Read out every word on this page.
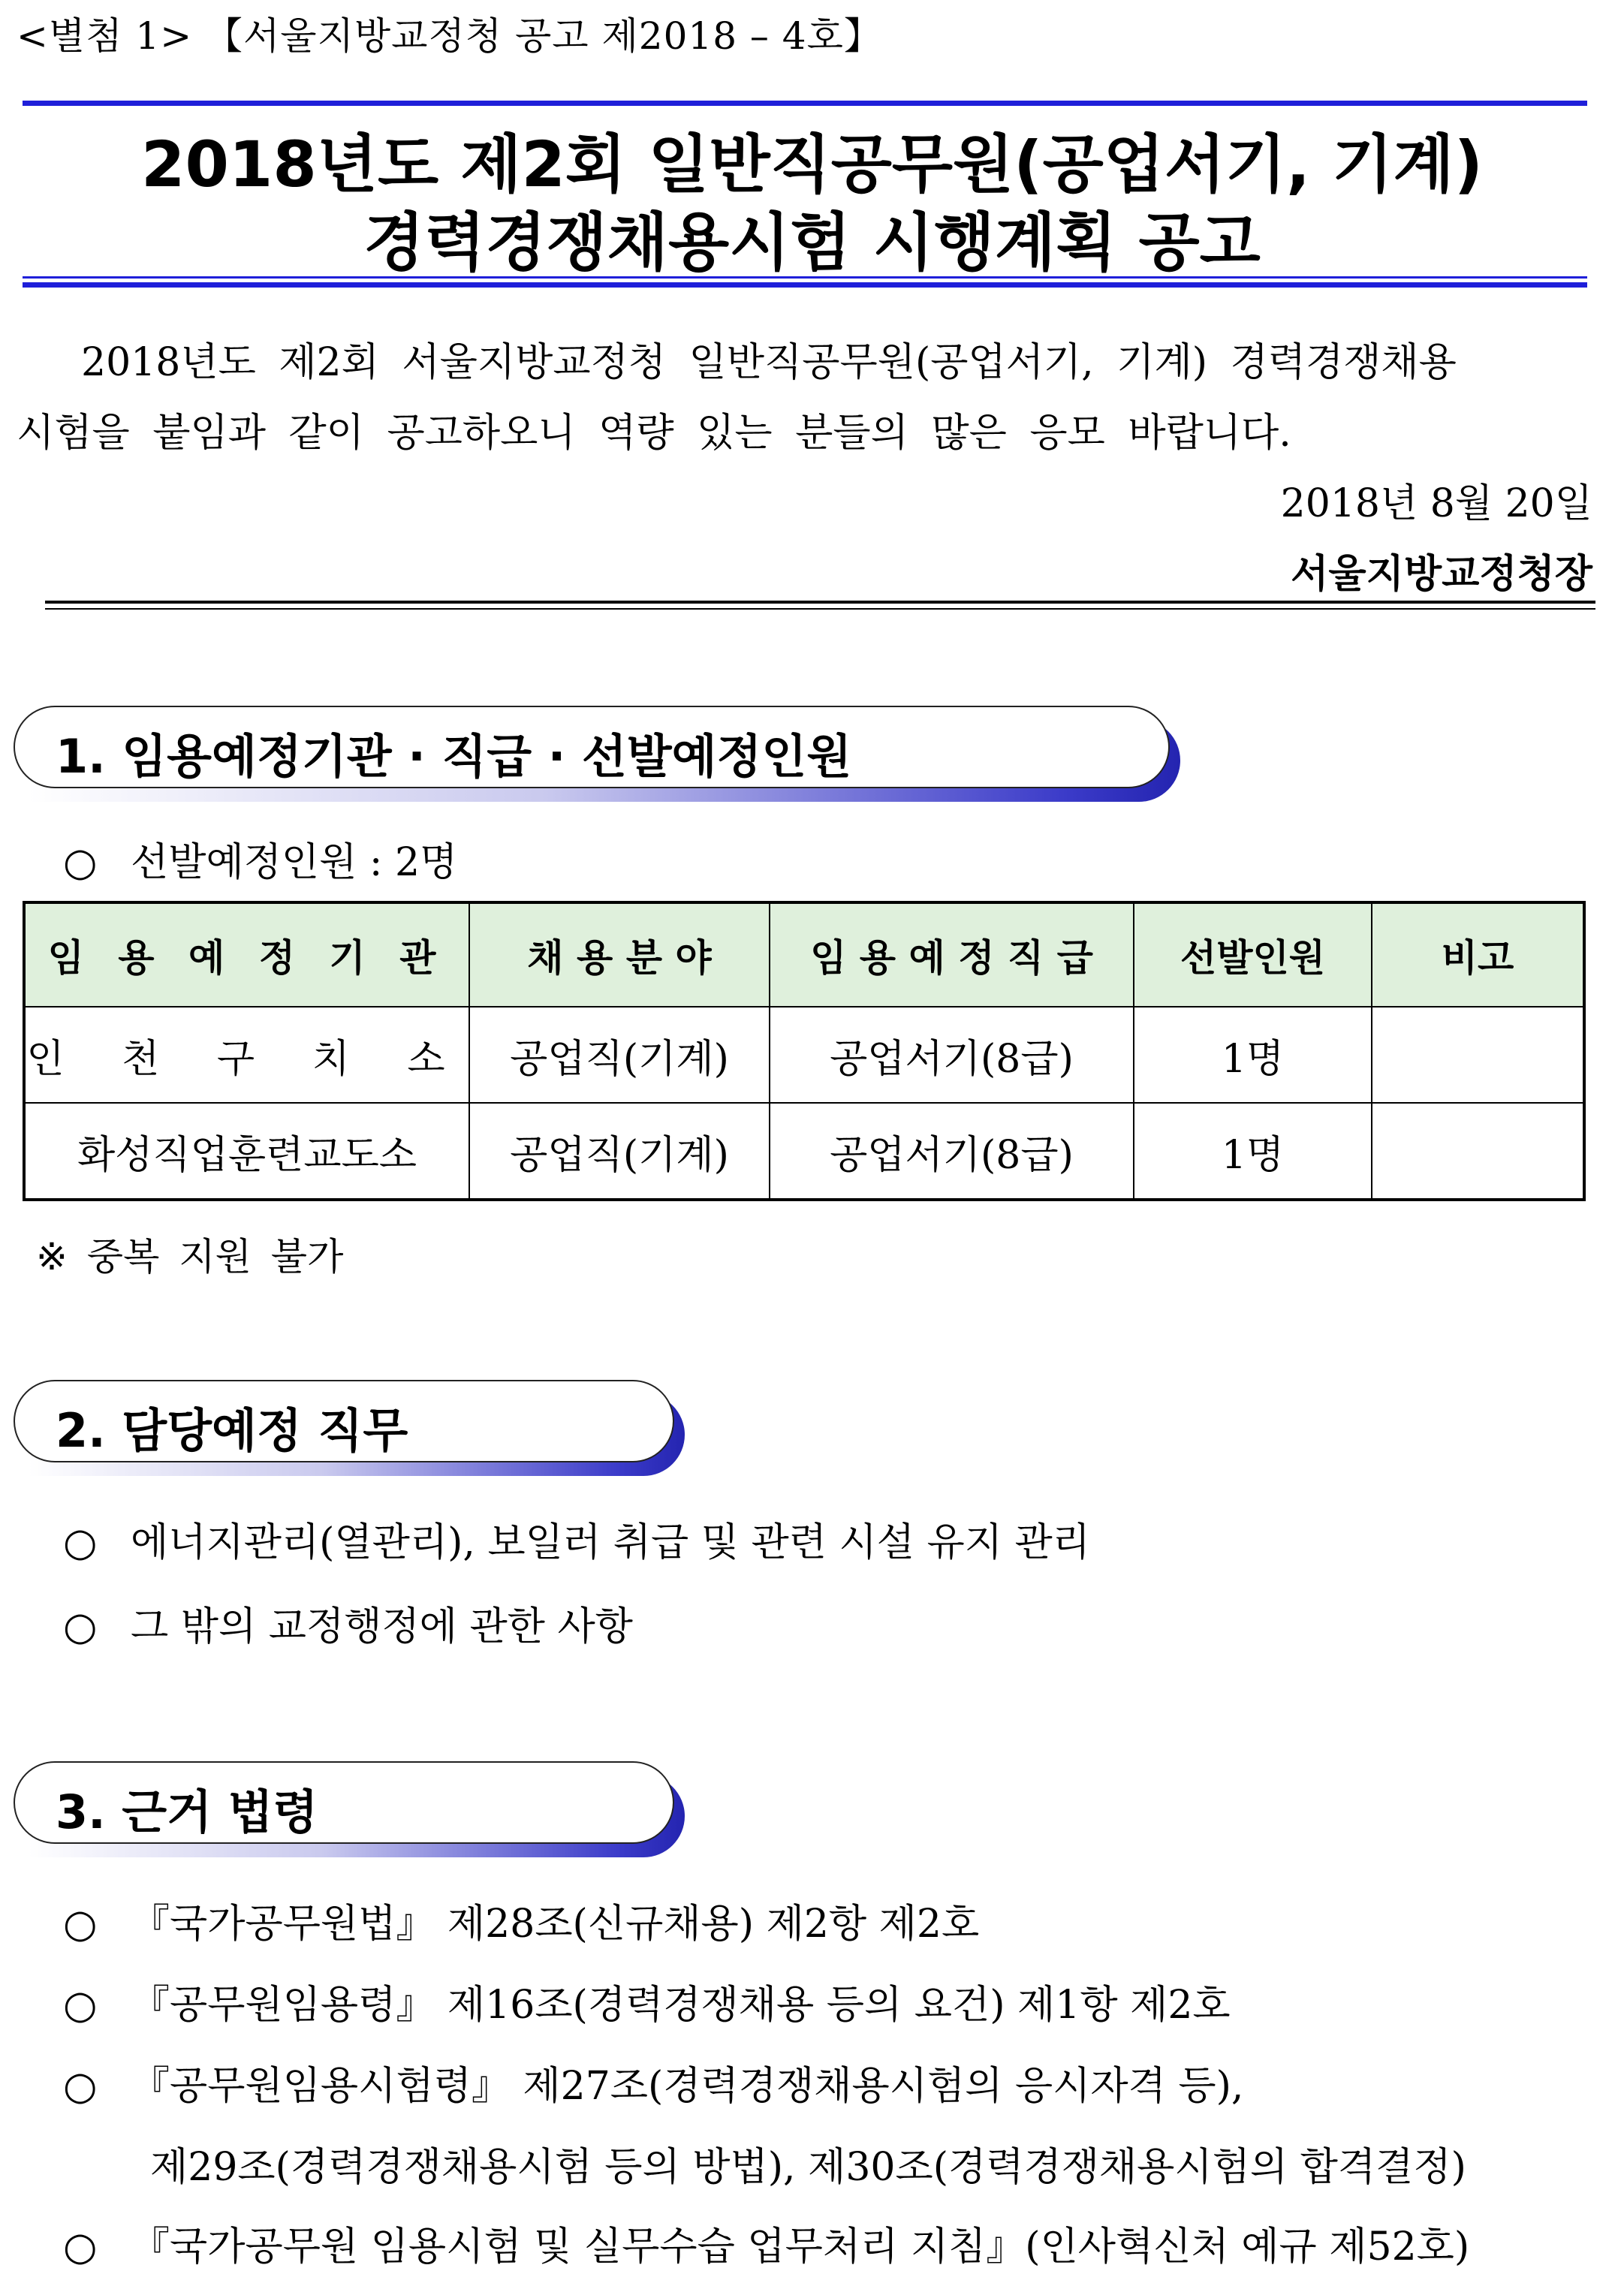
<별첨 1> 【서울지방교정청 공고 제2018 – 4호】
2018년도 제2회 일반직공무원(공업서기, 기계)
경력경쟁채용시험 시행계획 공고
2018년도 제2회 서울지방교정청 일반직공무원(공업서기, 기계) 경력경쟁채용
시험을 붙임과 같이 공고하오니 역량 있는 분들의 많은 응모 바랍니다.
2018년 8월 20일
서울지방교정청장
1. 임용예정기관 · 직급 · 선발예정인원
○ 선발예정인원 : 2명
임 용 예 정 기 관	채 용 분 야	임 용 예 정 직 급	선발인원	비고
인 천 구 치 소	공업직(기계)	공업서기(8급)	1명	
화성직업훈련교도소	공업직(기계)	공업서기(8급)	1명	
※ 중복 지원 불가
2. 담당예정 직무
○ 에너지관리(열관리), 보일러 취급 및 관련 시설 유지 관리
○ 그 밖의 교정행정에 관한 사항
3. 근거 법령
○ 『국가공무원법』 제28조(신규채용) 제2항 제2호
○ 『공무원임용령』 제16조(경력경쟁채용 등의 요건) 제1항 제2호
○ 『공무원임용시험령』 제27조(경력경쟁채용시험의 응시자격 등),
제29조(경력경쟁채용시험 등의 방법), 제30조(경력경쟁채용시험의 합격결정)
○ 『국가공무원 임용시험 및 실무수습 업무처리 지침』(인사혁신처 예규 제52호)
